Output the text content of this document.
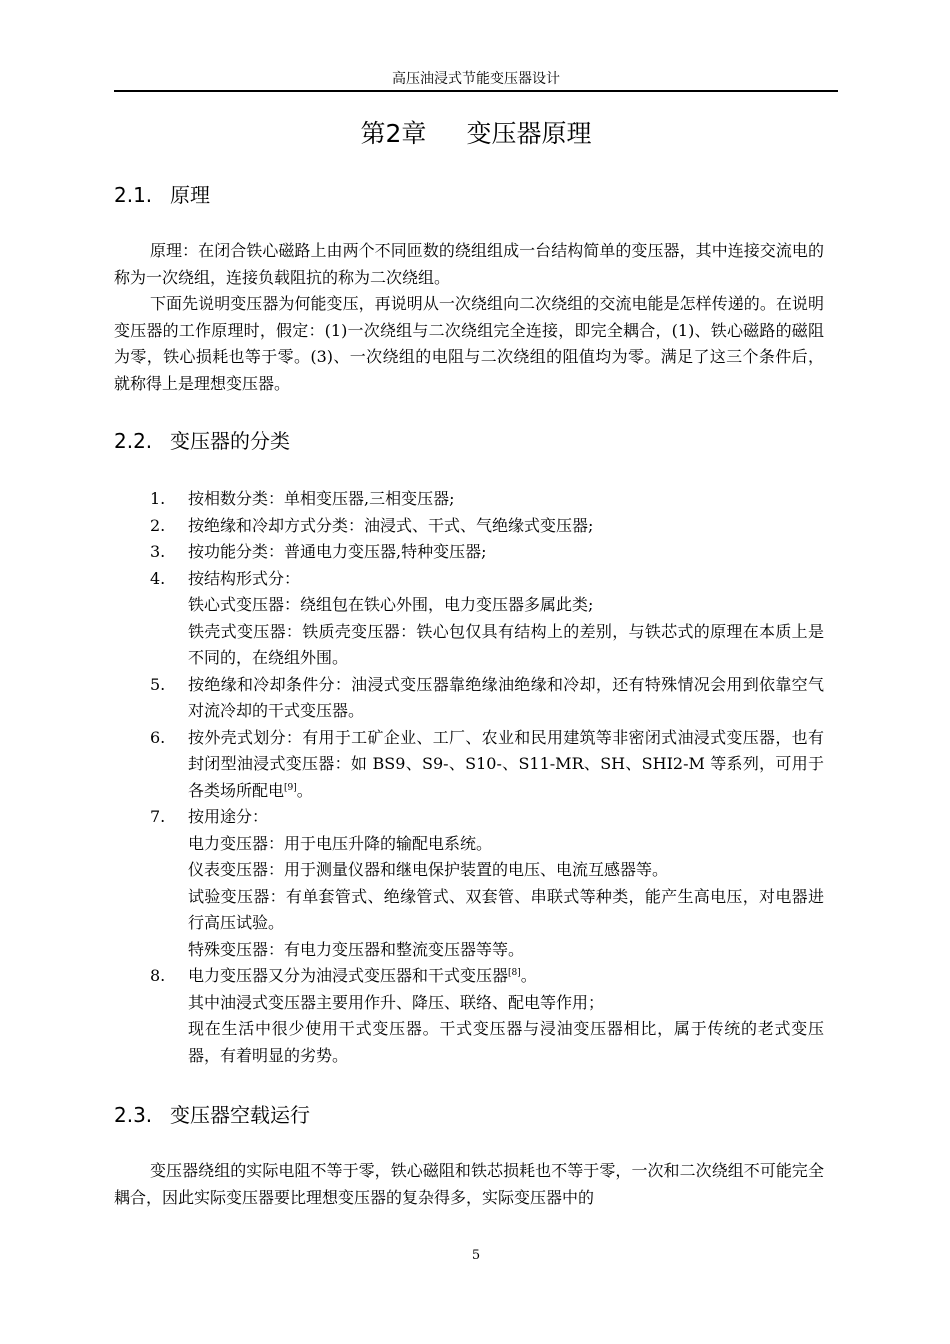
高压油浸式节能变压器设计
第2章 变压器原理
2.1. 原理

原理：在闭合铁心磁路上由两个不同匝数的绕组组成一台结构简单的变压器，其中连接交流电的称为一次绕组，连接负载阻抗的称为二次绕组。

下面先说明变压器为何能变压，再说明从一次绕组向二次绕组的交流电能是怎样传递的。在说明变压器的工作原理时，假定：(1)一次绕组与二次绕组完全连接，即完全耦合，(1)、铁心磁路的磁阻为零，铁心损耗也等于零。(3)、一次绕组的电阻与二次绕组的阻值均为零。满足了这三个条件后，就称得上是理想变压器。

2.2. 变压器的分类
1. 按相数分类：单相变压器,三相变压器;
2. 按绝缘和冷却方式分类：油浸式、干式、气绝缘式变压器;
3. 按功能分类：普通电力变压器,特种变压器;
4. 按结构形式分：
铁心式变压器：绕组包在铁心外围，电力变压器多属此类;
铁壳式变压器：铁质壳变压器：铁心包仅具有结构上的差别，与铁芯式的原理在本质上是不同的，在绕组外围。
5. 按绝缘和冷却条件分：油浸式变压器靠绝缘油绝缘和冷却，还有特殊情况会用到依靠空气对流冷却的干式变压器。
6. 按外壳式划分：有用于工矿企业、工厂、农业和民用建筑等非密闭式油浸式变压器，也有封闭型油浸式变压器：如 BS9、S9-、S10-、S11-MR、SH、SHI2-M 等系列，可用于各类场所配电[9]。
7. 按用途分：
电力变压器：用于电压升降的输配电系统。
仪表变压器：用于测量仪器和继电保护装置的电压、电流互感器等。
试验变压器：有单套管式、绝缘管式、双套管、串联式等种类，能产生高电压，对电器进行高压试验。
特殊变压器：有电力变压器和整流变压器等等。
8. 电力变压器又分为油浸式变压器和干式变压器[8]。
其中油浸式变压器主要用作升、降压、联络、配电等作用；
现在生活中很少使用干式变压器。干式变压器与浸油变压器相比，属于传统的老式变压器，有着明显的劣势。
2.3. 变压器空载运行

变压器绕组的实际电阻不等于零，铁心磁阻和铁芯损耗也不等于零，一次和二次绕组不可能完全耦合，因此实际变压器要比理想变压器的复杂得多，实际变压器中的

5
